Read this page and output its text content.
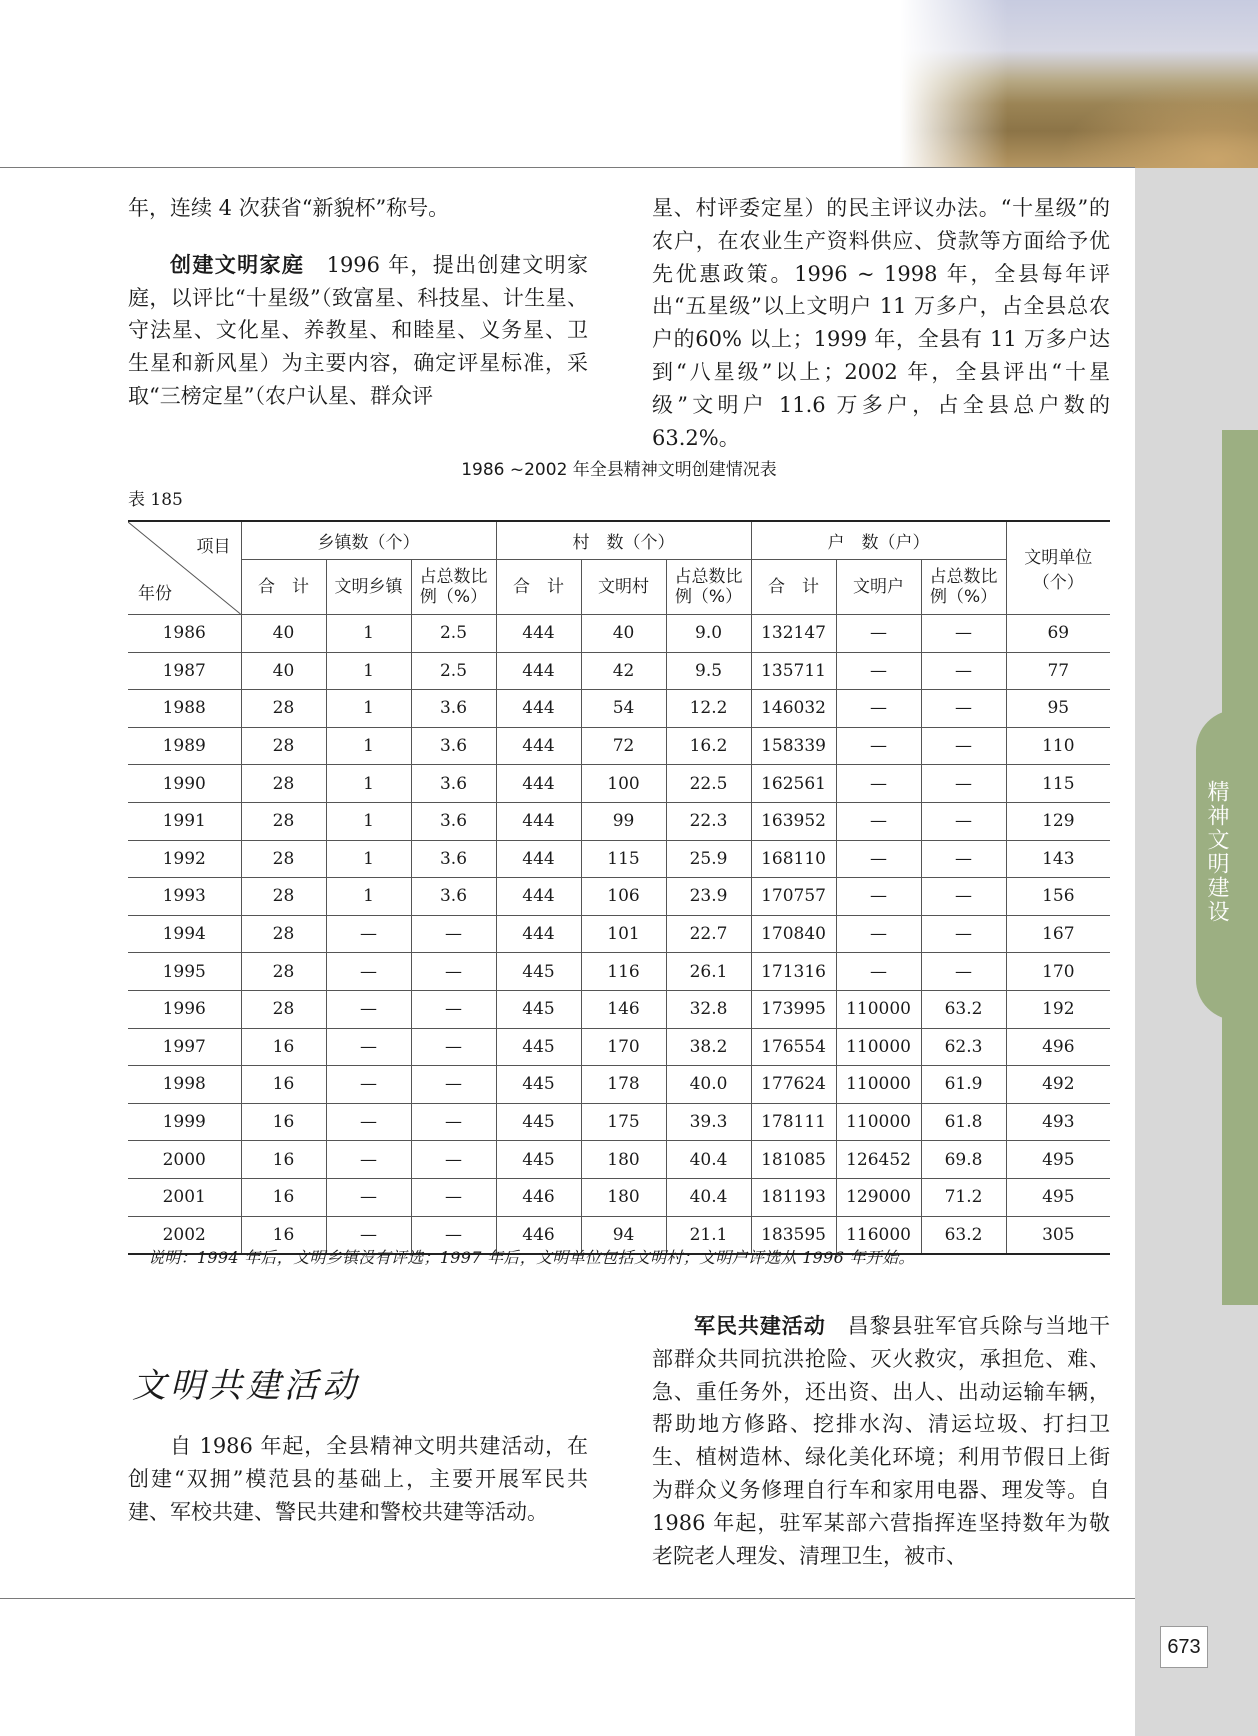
精神文明建设

年，连续 4 次获省“新貌杯”称号。

创建文明家庭　 1996 年，提出创建文明家庭，以评比“十星级”（致富星、科技星、计生星、守法星、文化星、养教星、和睦星、义务星、卫生星和新风星）为主要内容，确定评星标准，采取“三榜定星”（农户认星、群众评

星、村评委定星）的民主评议办法。“十星级”的农户，在农业生产资料供应、贷款等方面给予优先优惠政策。1996 ~ 1998 年，全县每年评出“五星级”以上文明户 11 万多户，占全县总农户的60% 以上；1999 年，全县有 11 万多户达到“八星级”以上；2002 年，全县评出“十星级”文明户 11.6 万多户，占全县总户数的 63.2%。

1986 ~2002 年全县精神文明创建情况表
表 185
项目
年份	乡镇数（个）			村　数（个）			户　数（户）			文明单位（个）
	合　计	文明乡镇	占总数比例（%）	合　计	文明村	占总数比例（%）	合　计	文明户	占总数比例（%）	
1986	40	1	2.5	444	40	9.0	132147	—	—	69
1987	40	1	2.5	444	42	9.5	135711	—	—	77
1988	28	1	3.6	444	54	12.2	146032	—	—	95
1989	28	1	3.6	444	72	16.2	158339	—	—	110
1990	28	1	3.6	444	100	22.5	162561	—	—	115
1991	28	1	3.6	444	99	22.3	163952	—	—	129
1992	28	1	3.6	444	115	25.9	168110	—	—	143
1993	28	1	3.6	444	106	23.9	170757	—	—	156
1994	28	—	—	444	101	22.7	170840	—	—	167
1995	28	—	—	445	116	26.1	171316	—	—	170
1996	28	—	—	445	146	32.8	173995	110000	63.2	192
1997	16	—	—	445	170	38.2	176554	110000	62.3	496
1998	16	—	—	445	178	40.0	177624	110000	61.9	492
1999	16	—	—	445	175	39.3	178111	110000	61.8	493
2000	16	—	—	445	180	40.4	181085	126452	69.8	495
2001	16	—	—	446	180	40.4	181193	129000	71.2	495
2002	16	—	—	446	94	21.1	183595	116000	63.2	305
说明：1994 年后，文明乡镇没有评选；1997 年后，文明单位包括文明村；文明户评选从 1996 年开始。
文明共建活动

自 1986 年起，全县精神文明共建活动，在创建“双拥”模范县的基础上，主要开展军民共建、军校共建、警民共建和警校共建等活动。

军民共建活动　 昌黎县驻军官兵除与当地干部群众共同抗洪抢险、灭火救灾，承担危、难、急、重任务外，还出资、出人、出动运输车辆，帮助地方修路、挖排水沟、清运垃圾、打扫卫生、植树造林、绿化美化环境；利用节假日上街为群众义务修理自行车和家用电器、理发等。自 1986 年起，驻军某部六营指挥连坚持数年为敬老院老人理发、清理卫生，被市、

673
